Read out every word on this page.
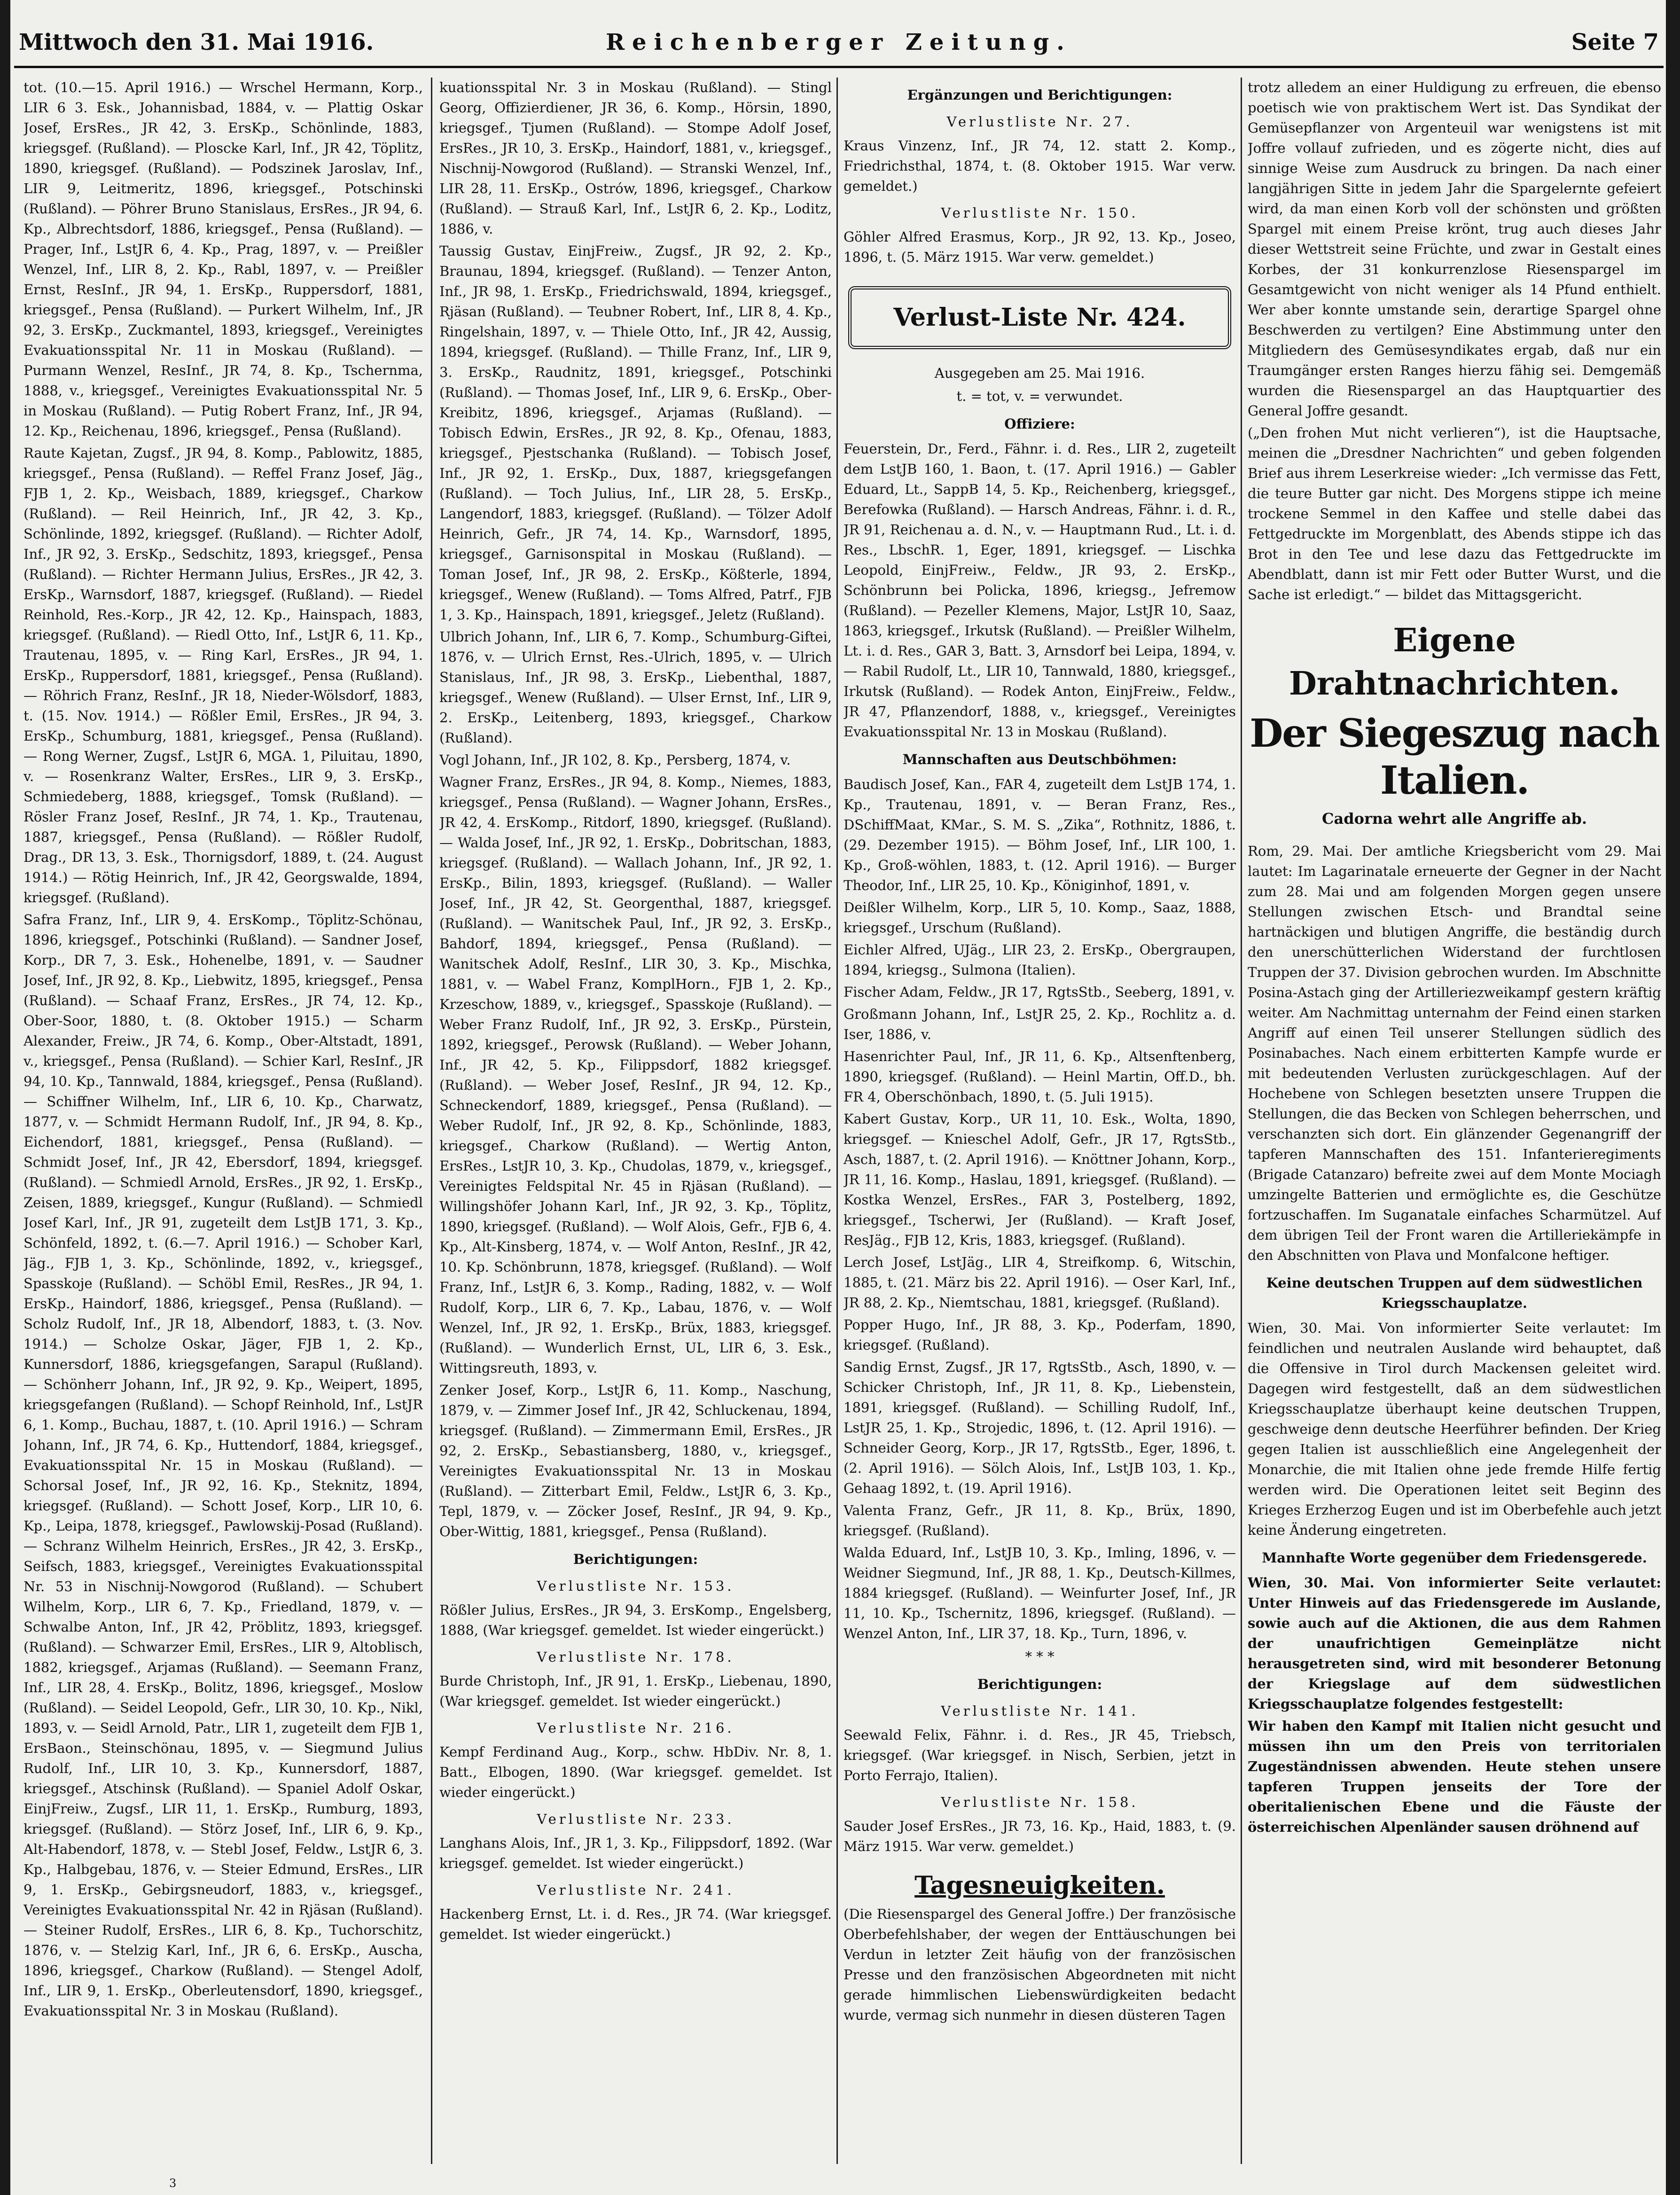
Mittwoch den 31. Mai 1916.	Reichenberger Zeitung.	Seite 7

tot. (10.—15. April 1916.) — Wrschel Hermann, Korp., LIR 6 3. Esk., Johannisbad, 1884, v. — Plattig Oskar Josef, ErsRes., JR 42, 3. ErsKp., Schönlinde, 1883, kriegsgef. (Rußland). — Ploscke Karl, Inf., JR 42, Töplitz, 1890, kriegsgef. (Rußland). — Podszinek Jaroslav, Inf., LIR 9, Leitmeritz, 1896, kriegsgef., Potschinski (Rußland). — Pöhrer Bruno Stanislaus, ErsRes., JR 94, 6. Kp., Albrechtsdorf, 1886, kriegsgef., Pensa (Rußland). — Prager, Inf., LstJR 6, 4. Kp., Prag, 1897, v. — Preißler Wenzel, Inf., LIR 8, 2. Kp., Rabl, 1897, v. — Preißler Ernst, ResInf., JR 94, 1. ErsKp., Ruppersdorf, 1881, kriegsgef., Pensa (Rußland). — Purkert Wilhelm, Inf., JR 92, 3. ErsKp., Zuckmantel, 1893, kriegsgef., Vereinigtes Evakuationsspital Nr. 11 in Moskau (Rußland). — Purmann Wenzel, ResInf., JR 74, 8. Kp., Tschernma, 1888, v., kriegsgef., Vereinigtes Evakuationsspital Nr. 5 in Moskau (Rußland). — Putig Robert Franz, Inf., JR 94, 12. Kp., Reichenau, 1896, kriegsgef., Pensa (Rußland).

Raute Kajetan, Zugsf., JR 94, 8. Komp., Pablowitz, 1885, kriegsgef., Pensa (Rußland). — Reffel Franz Josef, Jäg., FJB 1, 2. Kp., Weisbach, 1889, kriegsgef., Charkow (Rußland). — Reil Heinrich, Inf., JR 42, 3. Kp., Schönlinde, 1892, kriegsgef. (Rußland). — Richter Adolf, Inf., JR 92, 3. ErsKp., Sedschitz, 1893, kriegsgef., Pensa (Rußland). — Richter Hermann Julius, ErsRes., JR 42, 3. ErsKp., Warnsdorf, 1887, kriegsgef. (Rußland). — Riedel Reinhold, Res.-Korp., JR 42, 12. Kp., Hainspach, 1883, kriegsgef. (Rußland). — Riedl Otto, Inf., LstJR 6, 11. Kp., Trautenau, 1895, v. — Ring Karl, ErsRes., JR 94, 1. ErsKp., Ruppersdorf, 1881, kriegsgef., Pensa (Rußland). — Röhrich Franz, ResInf., JR 18, Nieder-Wölsdorf, 1883, t. (15. Nov. 1914.) — Rößler Emil, ErsRes., JR 94, 3. ErsKp., Schumburg, 1881, kriegsgef., Pensa (Rußland). — Rong Werner, Zugsf., LstJR 6, MGA. 1, Piluitau, 1890, v. — Rosenkranz Walter, ErsRes., LIR 9, 3. ErsKp., Schmiedeberg, 1888, kriegsgef., Tomsk (Rußland). — Rösler Franz Josef, ResInf., JR 74, 1. Kp., Trautenau, 1887, kriegsgef., Pensa (Rußland). — Rößler Rudolf, Drag., DR 13, 3. Esk., Thornigsdorf, 1889, t. (24. August 1914.) — Rötig Heinrich, Inf., JR 42, Georgswalde, 1894, kriegsgef. (Rußland).

Safra Franz, Inf., LIR 9, 4. ErsKomp., Töplitz-Schönau, 1896, kriegsgef., Potschinki (Rußland). — Sandner Josef, Korp., DR 7, 3. Esk., Hohenelbe, 1891, v. — Saudner Josef, Inf., JR 92, 8. Kp., Liebwitz, 1895, kriegsgef., Pensa (Rußland). — Schaaf Franz, ErsRes., JR 74, 12. Kp., Ober-Soor, 1880, t. (8. Oktober 1915.) — Scharm Alexander, Freiw., JR 74, 6. Komp., Ober-Altstadt, 1891, v., kriegsgef., Pensa (Rußland). — Schier Karl, ResInf., JR 94, 10. Kp., Tannwald, 1884, kriegsgef., Pensa (Rußland). — Schiffner Wilhelm, Inf., LIR 6, 10. Kp., Charwatz, 1877, v. — Schmidt Hermann Rudolf, Inf., JR 94, 8. Kp., Eichendorf, 1881, kriegsgef., Pensa (Rußland). — Schmidt Josef, Inf., JR 42, Ebersdorf, 1894, kriegsgef. (Rußland). — Schmiedl Arnold, ErsRes., JR 92, 1. ErsKp., Zeisen, 1889, kriegsgef., Kungur (Rußland). — Schmiedl Josef Karl, Inf., JR 91, zugeteilt dem LstJB 171, 3. Kp., Schönfeld, 1892, t. (6.—7. April 1916.) — Schober Karl, Jäg., FJB 1, 3. Kp., Schönlinde, 1892, v., kriegsgef., Spasskoje (Rußland). — Schöbl Emil, ResRes., JR 94, 1. ErsKp., Haindorf, 1886, kriegsgef., Pensa (Rußland). — Scholz Rudolf, Inf., JR 18, Albendorf, 1883, t. (3. Nov. 1914.) — Scholze Oskar, Jäger, FJB 1, 2. Kp., Kunnersdorf, 1886, kriegsgefangen, Sarapul (Rußland). — Schönherr Johann, Inf., JR 92, 9. Kp., Weipert, 1895, kriegsgefangen (Rußland). — Schopf Reinhold, Inf., LstJR 6, 1. Komp., Buchau, 1887, t. (10. April 1916.) — Schram Johann, Inf., JR 74, 6. Kp., Huttendorf, 1884, kriegsgef., Evakuationsspital Nr. 15 in Moskau (Rußland). — Schorsal Josef, Inf., JR 92, 16. Kp., Steknitz, 1894, kriegsgef. (Rußland). — Schott Josef, Korp., LIR 10, 6. Kp., Leipa, 1878, kriegsgef., Pawlowskij-Posad (Rußland). — Schranz Wilhelm Heinrich, ErsRes., JR 42, 3. ErsKp., Seifsch, 1883, kriegsgef., Vereinigtes Evakuationsspital Nr. 53 in Nischnij-Nowgorod (Rußland). — Schubert Wilhelm, Korp., LIR 6, 7. Kp., Friedland, 1879, v. — Schwalbe Anton, Inf., JR 42, Pröblitz, 1893, kriegsgef. (Rußland). — Schwarzer Emil, ErsRes., LIR 9, Altoblisch, 1882, kriegsgef., Arjamas (Rußland). — Seemann Franz, Inf., LIR 28, 4. ErsKp., Bolitz, 1896, kriegsgef., Moslow (Rußland). — Seidel Leopold, Gefr., LIR 30, 10. Kp., Nikl, 1893, v. — Seidl Arnold, Patr., LIR 1, zugeteilt dem FJB 1, ErsBaon., Steinschönau, 1895, v. — Siegmund Julius Rudolf, Inf., LIR 10, 3. Kp., Kunnersdorf, 1887, kriegsgef., Atschinsk (Rußland). — Spaniel Adolf Oskar, EinjFreiw., Zugsf., LIR 11, 1. ErsKp., Rumburg, 1893, kriegsgef. (Rußland). — Störz Josef, Inf., LIR 6, 9. Kp., Alt-Habendorf, 1878, v. — Stebl Josef, Feldw., LstJR 6, 3. Kp., Halbgebau, 1876, v. — Steier Edmund, ErsRes., LIR 9, 1. ErsKp., Gebirgsneudorf, 1883, v., kriegsgef., Vereinigtes Evakuationsspital Nr. 42 in Rjäsan (Rußland). — Steiner Rudolf, ErsRes., LIR 6, 8. Kp., Tuchorschitz, 1876, v. — Stelzig Karl, Inf., JR 6, 6. ErsKp., Auscha, 1896, kriegsgef., Charkow (Rußland). — Stengel Adolf, Inf., LIR 9, 1. ErsKp., Oberleutensdorf, 1890, kriegsgef., Evakuationsspital Nr. 3 in Moskau (Rußland).

kuationsspital Nr. 3 in Moskau (Rußland). — Stingl Georg, Offizierdiener, JR 36, 6. Komp., Hörsin, 1890, kriegsgef., Tjumen (Rußland). — Stompe Adolf Josef, ErsRes., JR 10, 3. ErsKp., Haindorf, 1881, v., kriegsgef., Nischnij-Nowgorod (Rußland). — Stranski Wenzel, Inf., LIR 28, 11. ErsKp., Ostrów, 1896, kriegsgef., Charkow (Rußland). — Strauß Karl, Inf., LstJR 6, 2. Kp., Loditz, 1886, v.

Taussig Gustav, EinjFreiw., Zugsf., JR 92, 2. Kp., Braunau, 1894, kriegsgef. (Rußland). — Tenzer Anton, Inf., JR 98, 1. ErsKp., Friedrichswald, 1894, kriegsgef., Rjäsan (Rußland). — Teubner Robert, Inf., LIR 8, 4. Kp., Ringelshain, 1897, v. — Thiele Otto, Inf., JR 42, Aussig, 1894, kriegsgef. (Rußland). — Thille Franz, Inf., LIR 9, 3. ErsKp., Raudnitz, 1891, kriegsgef., Potschinki (Rußland). — Thomas Josef, Inf., LIR 9, 6. ErsKp., Ober-Kreibitz, 1896, kriegsgef., Arjamas (Rußland). — Tobisch Edwin, ErsRes., JR 92, 8. Kp., Ofenau, 1883, kriegsgef., Pjestschanka (Rußland). — Tobisch Josef, Inf., JR 92, 1. ErsKp., Dux, 1887, kriegsgefangen (Rußland). — Toch Julius, Inf., LIR 28, 5. ErsKp., Langendorf, 1883, kriegsgef. (Rußland). — Tölzer Adolf Heinrich, Gefr., JR 74, 14. Kp., Warnsdorf, 1895, kriegsgef., Garnisonspital in Moskau (Rußland). — Toman Josef, Inf., JR 98, 2. ErsKp., Kößterle, 1894, kriegsgef., Wenew (Rußland). — Toms Alfred, Patrf., FJB 1, 3. Kp., Hainspach, 1891, kriegsgef., Jeletz (Rußland).

Ulbrich Johann, Inf., LIR 6, 7. Komp., Schumburg-Giftei, 1876, v. — Ulrich Ernst, Res.-Ulrich, 1895, v. — Ulrich Stanislaus, Inf., JR 98, 3. ErsKp., Liebenthal, 1887, kriegsgef., Wenew (Rußland). — Ulser Ernst, Inf., LIR 9, 2. ErsKp., Leitenberg, 1893, kriegsgef., Charkow (Rußland).

Vogl Johann, Inf., JR 102, 8. Kp., Persberg, 1874, v.

Wagner Franz, ErsRes., JR 94, 8. Komp., Niemes, 1883, kriegsgef., Pensa (Rußland). — Wagner Johann, ErsRes., JR 42, 4. ErsKomp., Ritdorf, 1890, kriegsgef. (Rußland). — Walda Josef, Inf., JR 92, 1. ErsKp., Dobritschan, 1883, kriegsgef. (Rußland). — Wallach Johann, Inf., JR 92, 1. ErsKp., Bilin, 1893, kriegsgef. (Rußland). — Waller Josef, Inf., JR 42, St. Georgenthal, 1887, kriegsgef. (Rußland). — Wanitschek Paul, Inf., JR 92, 3. ErsKp., Bahdorf, 1894, kriegsgef., Pensa (Rußland). — Wanitschek Adolf, ResInf., LIR 30, 3. Kp., Mischka, 1881, v. — Wabel Franz, KomplHorn., FJB 1, 2. Kp., Krzeschow, 1889, v., kriegsgef., Spasskoje (Rußland). — Weber Franz Rudolf, Inf., JR 92, 3. ErsKp., Pürstein, 1892, kriegsgef., Perowsk (Rußland). — Weber Johann, Inf., JR 42, 5. Kp., Filippsdorf, 1882 kriegsgef. (Rußland). — Weber Josef, ResInf., JR 94, 12. Kp., Schneckendorf, 1889, kriegsgef., Pensa (Rußland). — Weber Rudolf, Inf., JR 92, 8. Kp., Schönlinde, 1883, kriegsgef., Charkow (Rußland). — Wertig Anton, ErsRes., LstJR 10, 3. Kp., Chudolas, 1879, v., kriegsgef., Vereinigtes Feldspital Nr. 45 in Rjäsan (Rußland). — Willingshöfer Johann Karl, Inf., JR 92, 3. Kp., Töplitz, 1890, kriegsgef. (Rußland). — Wolf Alois, Gefr., FJB 6, 4. Kp., Alt-Kinsberg, 1874, v. — Wolf Anton, ResInf., JR 42, 10. Kp. Schönbrunn, 1878, kriegsgef. (Rußland). — Wolf Franz, Inf., LstJR 6, 3. Komp., Rading, 1882, v. — Wolf Rudolf, Korp., LIR 6, 7. Kp., Labau, 1876, v. — Wolf Wenzel, Inf., JR 92, 1. ErsKp., Brüx, 1883, kriegsgef. (Rußland). — Wunderlich Ernst, UL, LIR 6, 3. Esk., Wittingsreuth, 1893, v.

Zenker Josef, Korp., LstJR 6, 11. Komp., Naschung, 1879, v. — Zimmer Josef Inf., JR 42, Schluckenau, 1894, kriegsgef. (Rußland). — Zimmermann Emil, ErsRes., JR 92, 2. ErsKp., Sebastiansberg, 1880, v., kriegsgef., Vereinigtes Evakuationsspital Nr. 13 in Moskau (Rußland). — Zitterbart Emil, Feldw., LstJR 6, 3. Kp., Tepl, 1879, v. — Zöcker Josef, ResInf., JR 94, 9. Kp., Ober-Wittig, 1881, kriegsgef., Pensa (Rußland).

Berichtigungen:
Verlustliste Nr. 153.

Rößler Julius, ErsRes., JR 94, 3. ErsKomp., Engelsberg, 1888, (War kriegsgef. gemeldet. Ist wieder eingerückt.)

Verlustliste Nr. 178.

Burde Christoph, Inf., JR 91, 1. ErsKp., Liebenau, 1890, (War kriegsgef. gemeldet. Ist wieder eingerückt.)

Verlustliste Nr. 216.

Kempf Ferdinand Aug., Korp., schw. HbDiv. Nr. 8, 1. Batt., Elbogen, 1890. (War kriegsgef. gemeldet. Ist wieder eingerückt.)

Verlustliste Nr. 233.

Langhans Alois, Inf., JR 1, 3. Kp., Filippsdorf, 1892. (War kriegsgef. gemeldet. Ist wieder eingerückt.)

Verlustliste Nr. 241.

Hackenberg Ernst, Lt. i. d. Res., JR 74. (War kriegsgef. gemeldet. Ist wieder eingerückt.)

Ergänzungen und Berichtigungen:
Verlustliste Nr. 27.

Kraus Vinzenz, Inf., JR 74, 12. statt 2. Komp., Friedrichsthal, 1874, t. (8. Oktober 1915. War verw. gemeldet.)

Verlustliste Nr. 150.

Göhler Alfred Erasmus, Korp., JR 92, 13. Kp., Joseo, 1896, t. (5. März 1915. War verw. gemeldet.)

Verlust-Liste Nr. 424.
Ausgegeben am 25. Mai 1916.
t. = tot, v. = verwundet.
Offiziere:

Feuerstein, Dr., Ferd., Fähnr. i. d. Res., LIR 2, zugeteilt dem LstJB 160, 1. Baon, t. (17. April 1916.) — Gabler Eduard, Lt., SappB 14, 5. Kp., Reichenberg, kriegsgef., Berefowka (Rußland). — Harsch Andreas, Fähnr. i. d. R., JR 91, Reichenau a. d. N., v. — Hauptmann Rud., Lt. i. d. Res., LbschR. 1, Eger, 1891, kriegsgef. — Lischka Leopold, EinjFreiw., Feldw., JR 93, 2. ErsKp., Schönbrunn bei Policka, 1896, kriegsg., Jefremow (Rußland). — Pezeller Klemens, Major, LstJR 10, Saaz, 1863, kriegsgef., Irkutsk (Rußland). — Preißler Wilhelm, Lt. i. d. Res., GAR 3, Batt. 3, Arnsdorf bei Leipa, 1894, v. — Rabil Rudolf, Lt., LIR 10, Tannwald, 1880, kriegsgef., Irkutsk (Rußland). — Rodek Anton, EinjFreiw., Feldw., JR 47, Pflanzendorf, 1888, v., kriegsgef., Vereinigtes Evakuationsspital Nr. 13 in Moskau (Rußland).

Mannschaften aus Deutschböhmen:

Baudisch Josef, Kan., FAR 4, zugeteilt dem LstJB 174, 1. Kp., Trautenau, 1891, v. — Beran Franz, Res., DSchiffMaat, KMar., S. M. S. „Zika“, Rothnitz, 1886, t. (29. Dezember 1915). — Böhm Josef, Inf., LIR 100, 1. Kp., Groß-wöhlen, 1883, t. (12. April 1916). — Burger Theodor, Inf., LIR 25, 10. Kp., Königinhof, 1891, v.

Deißler Wilhelm, Korp., LIR 5, 10. Komp., Saaz, 1888, kriegsgef., Urschum (Rußland).

Eichler Alfred, UJäg., LIR 23, 2. ErsKp., Obergraupen, 1894, kriegsg., Sulmona (Italien).

Fischer Adam, Feldw., JR 17, RgtsStb., Seeberg, 1891, v.

Großmann Johann, Inf., LstJR 25, 2. Kp., Rochlitz a. d. Iser, 1886, v.

Hasenrichter Paul, Inf., JR 11, 6. Kp., Altsenftenberg, 1890, kriegsgef. (Rußland). — Heinl Martin, Off.D., bh. FR 4, Oberschönbach, 1890, t. (5. Juli 1915).

Kabert Gustav, Korp., UR 11, 10. Esk., Wolta, 1890, kriegsgef. — Knieschel Adolf, Gefr., JR 17, RgtsStb., Asch, 1887, t. (2. April 1916). — Knöttner Johann, Korp., JR 11, 16. Komp., Haslau, 1891, kriegsgef. (Rußland). — Kostka Wenzel, ErsRes., FAR 3, Postelberg, 1892, kriegsgef., Tscherwi, Jer (Rußland). — Kraft Josef, ResJäg., FJB 12, Kris, 1883, kriegsgef. (Rußland).

Lerch Josef, LstJäg., LIR 4, Streifkomp. 6, Witschin, 1885, t. (21. März bis 22. April 1916). — Oser Karl, Inf., JR 88, 2. Kp., Niemtschau, 1881, kriegsgef. (Rußland).

Popper Hugo, Inf., JR 88, 3. Kp., Poderfam, 1890, kriegsgef. (Rußland).

Sandig Ernst, Zugsf., JR 17, RgtsStb., Asch, 1890, v. — Schicker Christoph, Inf., JR 11, 8. Kp., Liebenstein, 1891, kriegsgef. (Rußland). — Schilling Rudolf, Inf., LstJR 25, 1. Kp., Strojedic, 1896, t. (12. April 1916). — Schneider Georg, Korp., JR 17, RgtsStb., Eger, 1896, t. (2. April 1916). — Sölch Alois, Inf., LstJB 103, 1. Kp., Gehaag 1892, t. (19. April 1916).

Valenta Franz, Gefr., JR 11, 8. Kp., Brüx, 1890, kriegsgef. (Rußland).

Walda Eduard, Inf., LstJB 10, 3. Kp., Imling, 1896, v. — Weidner Siegmund, Inf., JR 88, 1. Kp., Deutsch-Killmes, 1884 kriegsgef. (Rußland). — Weinfurter Josef, Inf., JR 11, 10. Kp., Tschernitz, 1896, kriegsgef. (Rußland). — Wenzel Anton, Inf., LIR 37, 18. Kp., Turn, 1896, v.

* * *
Berichtigungen:
Verlustliste Nr. 141.

Seewald Felix, Fähnr. i. d. Res., JR 45, Triebsch, kriegsgef. (War kriegsgef. in Nisch, Serbien, jetzt in Porto Ferrajo, Italien).

Verlustliste Nr. 158.

Sauder Josef ErsRes., JR 73, 16. Kp., Haid, 1883, t. (9. März 1915. War verw. gemeldet.)

Tagesneuigkeiten.

(Die Riesenspargel des General Joffre.) Der französische Oberbefehlshaber, der wegen der Enttäuschungen bei Verdun in letzter Zeit häufig von der französischen Presse und den französischen Abgeordneten mit nicht gerade himmlischen Liebenswürdigkeiten bedacht wurde, vermag sich nunmehr in diesen düsteren Tagen

trotz alledem an einer Huldigung zu erfreuen, die ebenso poetisch wie von praktischem Wert ist. Das Syndikat der Gemüsepflanzer von Argenteuil war wenigstens ist mit Joffre vollauf zufrieden, und es zögerte nicht, dies auf sinnige Weise zum Ausdruck zu bringen. Da nach einer langjährigen Sitte in jedem Jahr die Spargelernte gefeiert wird, da man einen Korb voll der schönsten und größten Spargel mit einem Preise krönt, trug auch dieses Jahr dieser Wettstreit seine Früchte, und zwar in Gestalt eines Korbes, der 31 konkurrenzlose Riesenspargel im Gesamtgewicht von nicht weniger als 14 Pfund enthielt. Wer aber konnte umstande sein, derartige Spargel ohne Beschwerden zu vertilgen? Eine Abstimmung unter den Mitgliedern des Gemüsesyndikates ergab, daß nur ein Traumgänger ersten Ranges hierzu fähig sei. Demgemäß wurden die Riesenspargel an das Hauptquartier des General Joffre gesandt.

(„Den frohen Mut nicht verlieren“), ist die Hauptsache, meinen die „Dresdner Nachrichten“ und geben folgenden Brief aus ihrem Leserkreise wieder: „Ich vermisse das Fett, die teure Butter gar nicht. Des Morgens stippe ich meine trockene Semmel in den Kaffee und stelle dabei das Fettgedruckte im Morgenblatt, des Abends stippe ich das Brot in den Tee und lese dazu das Fettgedruckte im Abendblatt, dann ist mir Fett oder Butter Wurst, und die Sache ist erledigt.“ — bildet das Mittagsgericht.

Eigene Drahtnachrichten.
Der Siegeszug nach Italien.
Cadorna wehrt alle Angriffe ab.

Rom, 29. Mai. Der amtliche Kriegsbericht vom 29. Mai lautet: Im Lagarinatale erneuerte der Gegner in der Nacht zum 28. Mai und am folgenden Morgen gegen unsere Stellungen zwischen Etsch- und Brandtal seine hartnäckigen und blutigen Angriffe, die beständig durch den unerschütterlichen Widerstand der furchtlosen Truppen der 37. Division gebrochen wurden. Im Abschnitte Posina-Astach ging der Artilleriezweikampf gestern kräftig weiter. Am Nachmittag unternahm der Feind einen starken Angriff auf einen Teil unserer Stellungen südlich des Posinabaches. Nach einem erbitterten Kampfe wurde er mit bedeutenden Verlusten zurückgeschlagen. Auf der Hochebene von Schlegen besetzten unsere Truppen die Stellungen, die das Becken von Schlegen beherrschen, und verschanzten sich dort. Ein glänzender Gegenangriff der tapferen Mannschaften des 151. Infanterieregiments (Brigade Catanzaro) befreite zwei auf dem Monte Mociagh umzingelte Batterien und ermöglichte es, die Geschütze fortzuschaffen. Im Suganatale einfaches Scharmützel. Auf dem übrigen Teil der Front waren die Artilleriekämpfe in den Abschnitten von Plava und Monfalcone heftiger.

Keine deutschen Truppen auf dem südwestlichen Kriegsschauplatze.

Wien, 30. Mai. Von informierter Seite verlautet: Im feindlichen und neutralen Auslande wird behauptet, daß die Offensive in Tirol durch Mackensen geleitet wird. Dagegen wird festgestellt, daß an dem südwestlichen Kriegsschauplatze überhaupt keine deutschen Truppen, geschweige denn deutsche Heerführer befinden. Der Krieg gegen Italien ist ausschließlich eine Angelegenheit der Monarchie, die mit Italien ohne jede fremde Hilfe fertig werden wird. Die Operationen leitet seit Beginn des Krieges Erzherzog Eugen und ist im Oberbefehle auch jetzt keine Änderung eingetreten.

Mannhafte Worte gegenüber dem Friedensgerede.

Wien, 30. Mai. Von informierter Seite verlautet: Unter Hinweis auf das Friedensgerede im Auslande, sowie auch auf die Aktionen, die aus dem Rahmen der unaufrichtigen Gemeinplätze nicht herausgetreten sind, wird mit besonderer Betonung der Kriegslage auf dem südwestlichen Kriegsschauplatze folgendes festgestellt:

Wir haben den Kampf mit Italien nicht gesucht und müssen ihn um den Preis von territorialen Zugeständnissen abwenden. Heute stehen unsere tapferen Truppen jenseits der Tore der oberitalienischen Ebene und die Fäuste der österreichischen Alpenländer sausen dröhnend auf

3
